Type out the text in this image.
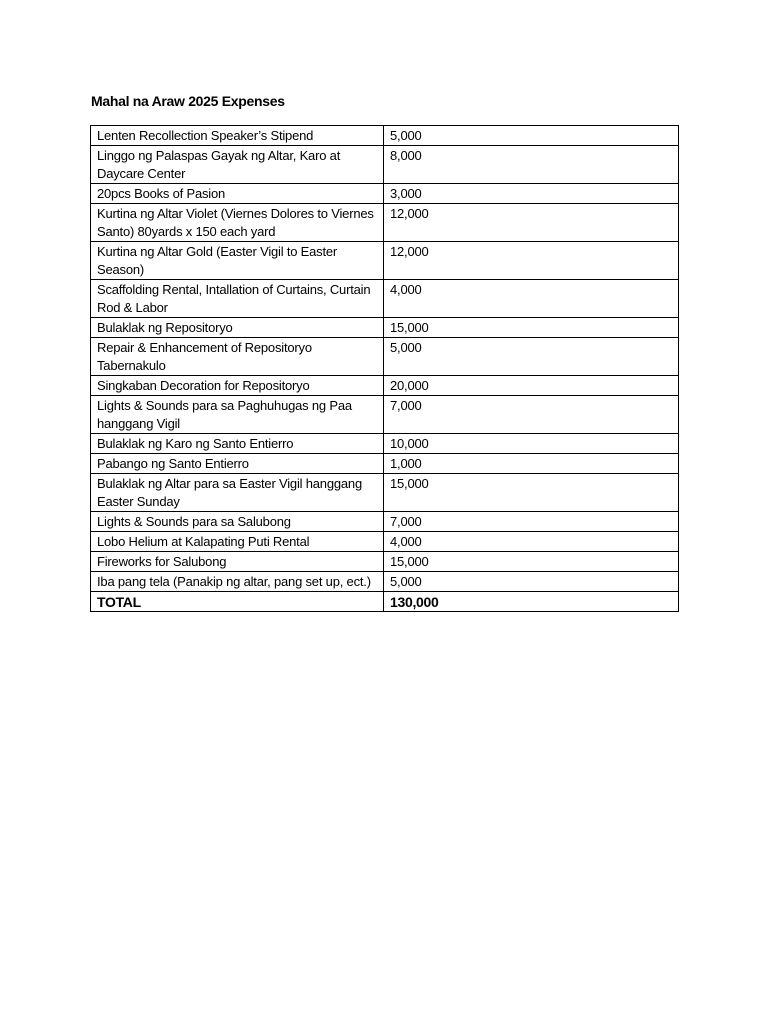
Mahal na Araw 2025 Expenses
Lenten Recollection Speaker’s Stipend	5,000
Linggo ng Palaspas Gayak ng Altar, Karo at Daycare Center	8,000
20pcs Books of Pasion	3,000
Kurtina ng Altar Violet (Viernes Dolores to Viernes Santo) 80yards x 150 each yard	12,000
Kurtina ng Altar Gold (Easter Vigil to Easter Season)	12,000
Scaffolding Rental, Intallation of Curtains, Curtain Rod & Labor	4,000
Bulaklak ng Repositoryo	15,000
Repair & Enhancement of Repositoryo Tabernakulo	5,000
Singkaban Decoration for Repositoryo	20,000
Lights & Sounds para sa Paghuhugas ng Paa hanggang Vigil	7,000
Bulaklak ng Karo ng Santo Entierro	10,000
Pabango ng Santo Entierro	1,000
Bulaklak ng Altar para sa Easter Vigil hanggang Easter Sunday	15,000
Lights & Sounds para sa Salubong	7,000
Lobo Helium at Kalapating Puti Rental	4,000
Fireworks for Salubong	15,000
Iba pang tela (Panakip ng altar, pang set up, ect.)	5,000
TOTAL	130,000
